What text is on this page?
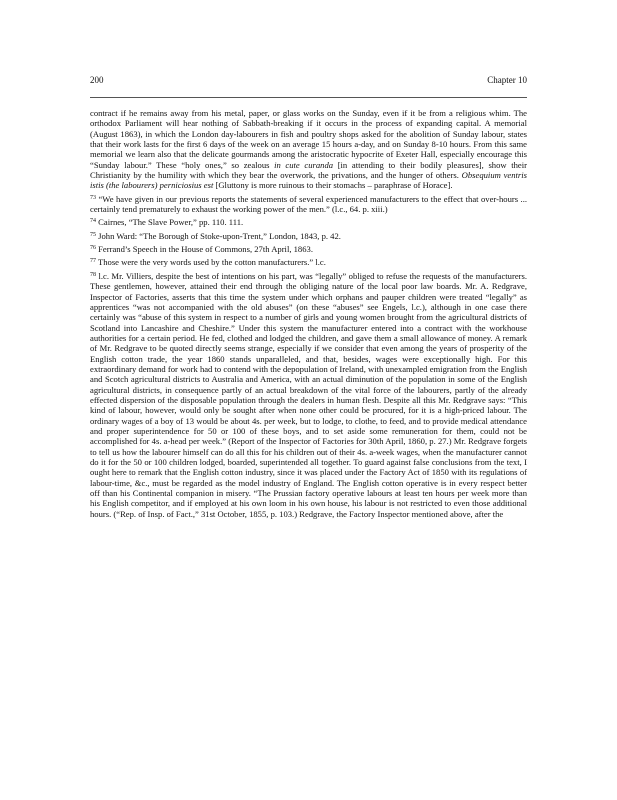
200	Chapter 10

contract if he remains away from his metal, paper, or glass works on the Sunday, even if it be from a religious whim. The orthodox Parliament will hear nothing of Sabbath-breaking if it occurs in the process of expanding capital. A memorial (August 1863), in which the London day-labourers in fish and poultry shops asked for the abolition of Sunday labour, states that their work lasts for the first 6 days of the week on an average 15 hours a-day, and on Sunday 8-10 hours. From this same memorial we learn also that the delicate gourmands among the aristocratic hypocrite of Exeter Hall, especially encourage this “Sunday labour.” These “holy ones,” so zealous in cute curanda [in attending to their bodily pleasures], show their Christianity by the humility with which they bear the overwork, the privations, and the hunger of others. Obsequium ventris istis (the labourers) perniciosius est [Gluttony is more ruinous to their stomachs – paraphrase of Horace].

$^{73}$ “We have given in our previous reports the statements of several experienced manufacturers to the effect that over-hours ... certainly tend prematurely to exhaust the working power of the men.” (l.c., 64. p. xiii.)

$^{74}$ Cairnes, “The Slave Power,” pp. 110. 111.

$^{75}$ John Ward: “The Borough of Stoke-upon-Trent,” London, 1843, p. 42.

$^{76}$ Ferrand’s Speech in the House of Commons, 27th April, 1863.

$^{77}$ Those were the very words used by the cotton manufacturers.” l.c.

$^{78}$ l.c. Mr. Villiers, despite the best of intentions on his part, was “legally” obliged to refuse the requests of the manufacturers. These gentlemen, however, attained their end through the obliging nature of the local poor law boards. Mr. A. Redgrave, Inspector of Factories, asserts that this time the system under which orphans and pauper children were treated “legally” as apprentices “was not accompanied with the old abuses” (on these “abuses” see Engels, l.c.), although in one case there certainly was “abuse of this system in respect to a number of girls and young women brought from the agricultural districts of Scotland into Lancashire and Cheshire.” Under this system the manufacturer entered into a contract with the workhouse authorities for a certain period. He fed, clothed and lodged the children, and gave them a small allowance of money. A remark of Mr. Redgrave to be quoted directly seems strange, especially if we consider that even among the years of prosperity of the English cotton trade, the year 1860 stands unparalleled, and that, besides, wages were exceptionally high. For this extraordinary demand for work had to contend with the depopulation of Ireland, with unexampled emigration from the English and Scotch agricultural districts to Australia and America, with an actual diminution of the population in some of the English agricultural districts, in consequence partly of an actual breakdown of the vital force of the labourers, partly of the already effected dispersion of the disposable population through the dealers in human flesh. Despite all this Mr. Redgrave says: “This kind of labour, however, would only be sought after when none other could be procured, for it is a high-priced labour. The ordinary wages of a boy of 13 would be about 4s. per week, but to lodge, to clothe, to feed, and to provide medical attendance and proper superintendence for 50 or 100 of these boys, and to set aside some remuneration for them, could not be accomplished for 4s. a-head per week.” (Report of the Inspector of Factories for 30th April, 1860, p. 27.) Mr. Redgrave forgets to tell us how the labourer himself can do all this for his children out of their 4s. a-week wages, when the manufacturer cannot do it for the 50 or 100 children lodged, boarded, superintended all together. To guard against false conclusions from the text, I ought here to remark that the English cotton industry, since it was placed under the Factory Act of 1850 with its regulations of labour-time, &c., must be regarded as the model industry of England. The English cotton operative is in every respect better off than his Continental companion in misery. “The Prussian factory operative labours at least ten hours per week more than his English competitor, and if employed at his own loom in his own house, his labour is not restricted to even those additional hours. (“Rep. of Insp. of Fact.,” 31st October, 1855, p. 103.) Redgrave, the Factory Inspector mentioned above, after the
